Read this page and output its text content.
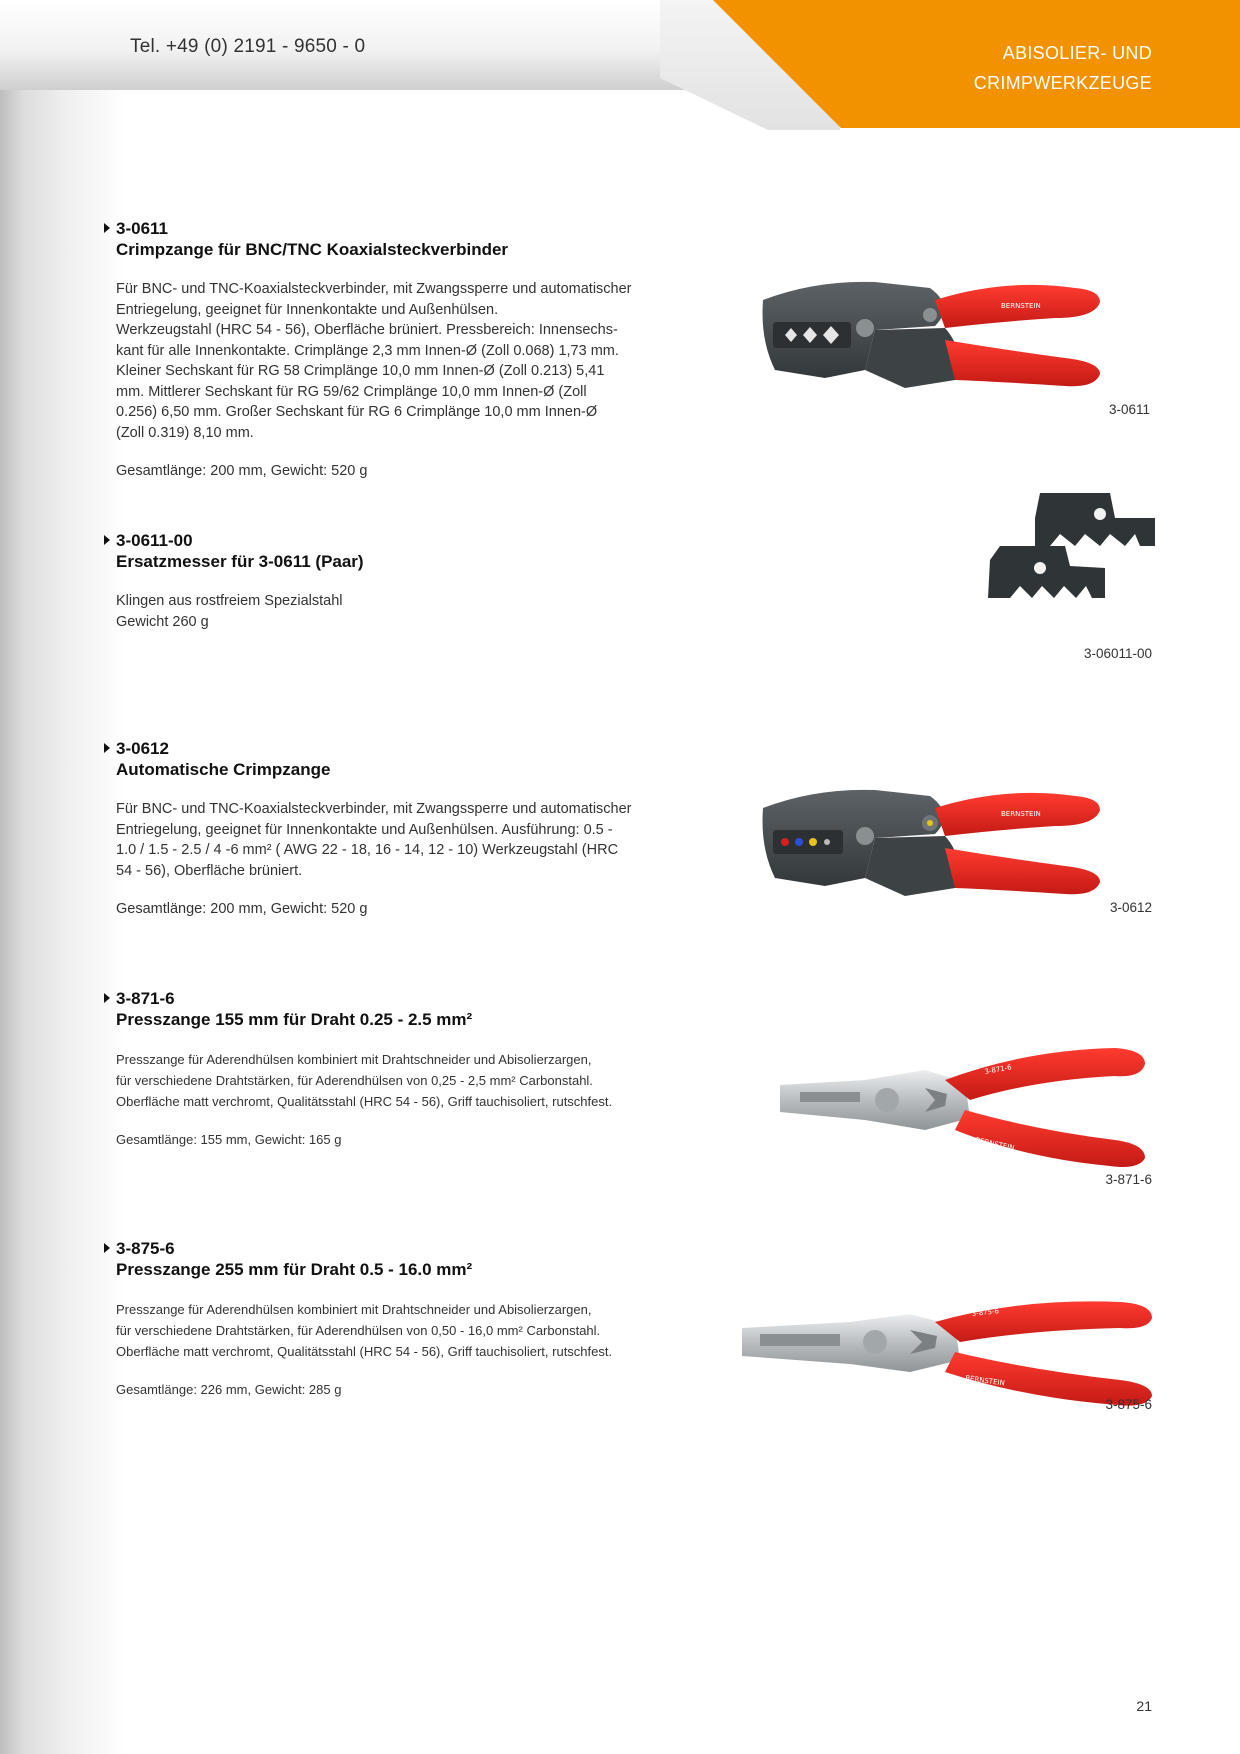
Tel. +49 (0) 2191 - 9650 - 0	ABISOLIER- UND
CRIMPWERKZEUGE
3-0611
Crimpzange für BNC/TNC Koaxialsteckverbinder
Für BNC- und TNC-Koaxialsteckverbinder, mit Zwangssperre und automatischer
Entriegelung, geeignet für Innenkontakte und Außenhülsen.
Werkzeugstahl (HRC 54 - 56), Oberfläche brüniert. Pressbereich: Innensechs-
kant für alle Innenkontakte. Crimplänge 2,3 mm Innen-Ø (Zoll 0.068) 1,73 mm.
Kleiner Sechskant für RG 58 Crimplänge 10,0 mm Innen-Ø (Zoll 0.213) 5,41
mm. Mittlerer Sechskant für RG 59/62 Crimplänge 10,0 mm Innen-Ø (Zoll
0.256) 6,50 mm. Großer Sechskant für RG 6 Crimplänge 10,0 mm Innen-Ø
(Zoll 0.319) 8,10 mm.
Gesamtlänge: 200 mm, Gewicht: 520 g
3-0611-00
Ersatzmesser für 3-0611 (Paar)
Klingen aus rostfreiem Spezialstahl
Gewicht 260 g
3-0612
Automatische Crimpzange
Für BNC- und TNC-Koaxialsteckverbinder, mit Zwangssperre und automatischer
Entriegelung, geeignet für Innenkontakte und Außenhülsen. Ausführung: 0.5 -
1.0 / 1.5 - 2.5 / 4 -6 mm² ( AWG 22 - 18, 16 - 14, 12 - 10) Werkzeugstahl (HRC
54 - 56), Oberfläche brüniert.
Gesamtlänge: 200 mm, Gewicht: 520 g
3-871-6
Presszange 155 mm für Draht 0.25 - 2.5 mm²
Presszange für Aderendhülsen kombiniert mit Drahtschneider und Abisolierzargen,
für verschiedene Drahtstärken, für Aderendhülsen von 0,25 - 2,5 mm² Carbonstahl.
Oberfläche matt verchromt, Qualitätsstahl (HRC 54 - 56), Griff tauchisoliert, rutschfest.
Gesamtlänge: 155 mm, Gewicht: 165 g
3-875-6
Presszange 255 mm für Draht 0.5 - 16.0 mm²
Presszange für Aderendhülsen kombiniert mit Drahtschneider und Abisolierzargen,
für verschiedene Drahtstärken, für Aderendhülsen von 0,50 - 16,0 mm² Carbonstahl.
Oberfläche matt verchromt, Qualitätsstahl (HRC 54 - 56), Griff tauchisoliert, rutschfest.
Gesamtlänge: 226 mm, Gewicht: 285 g
BERNSTEIN
3-0611
3-06011-00
BERNSTEIN
3-0612
3-871-6
BERNSTEIN
3-871-6
3-875-6
BERNSTEIN
3-875-6
21
